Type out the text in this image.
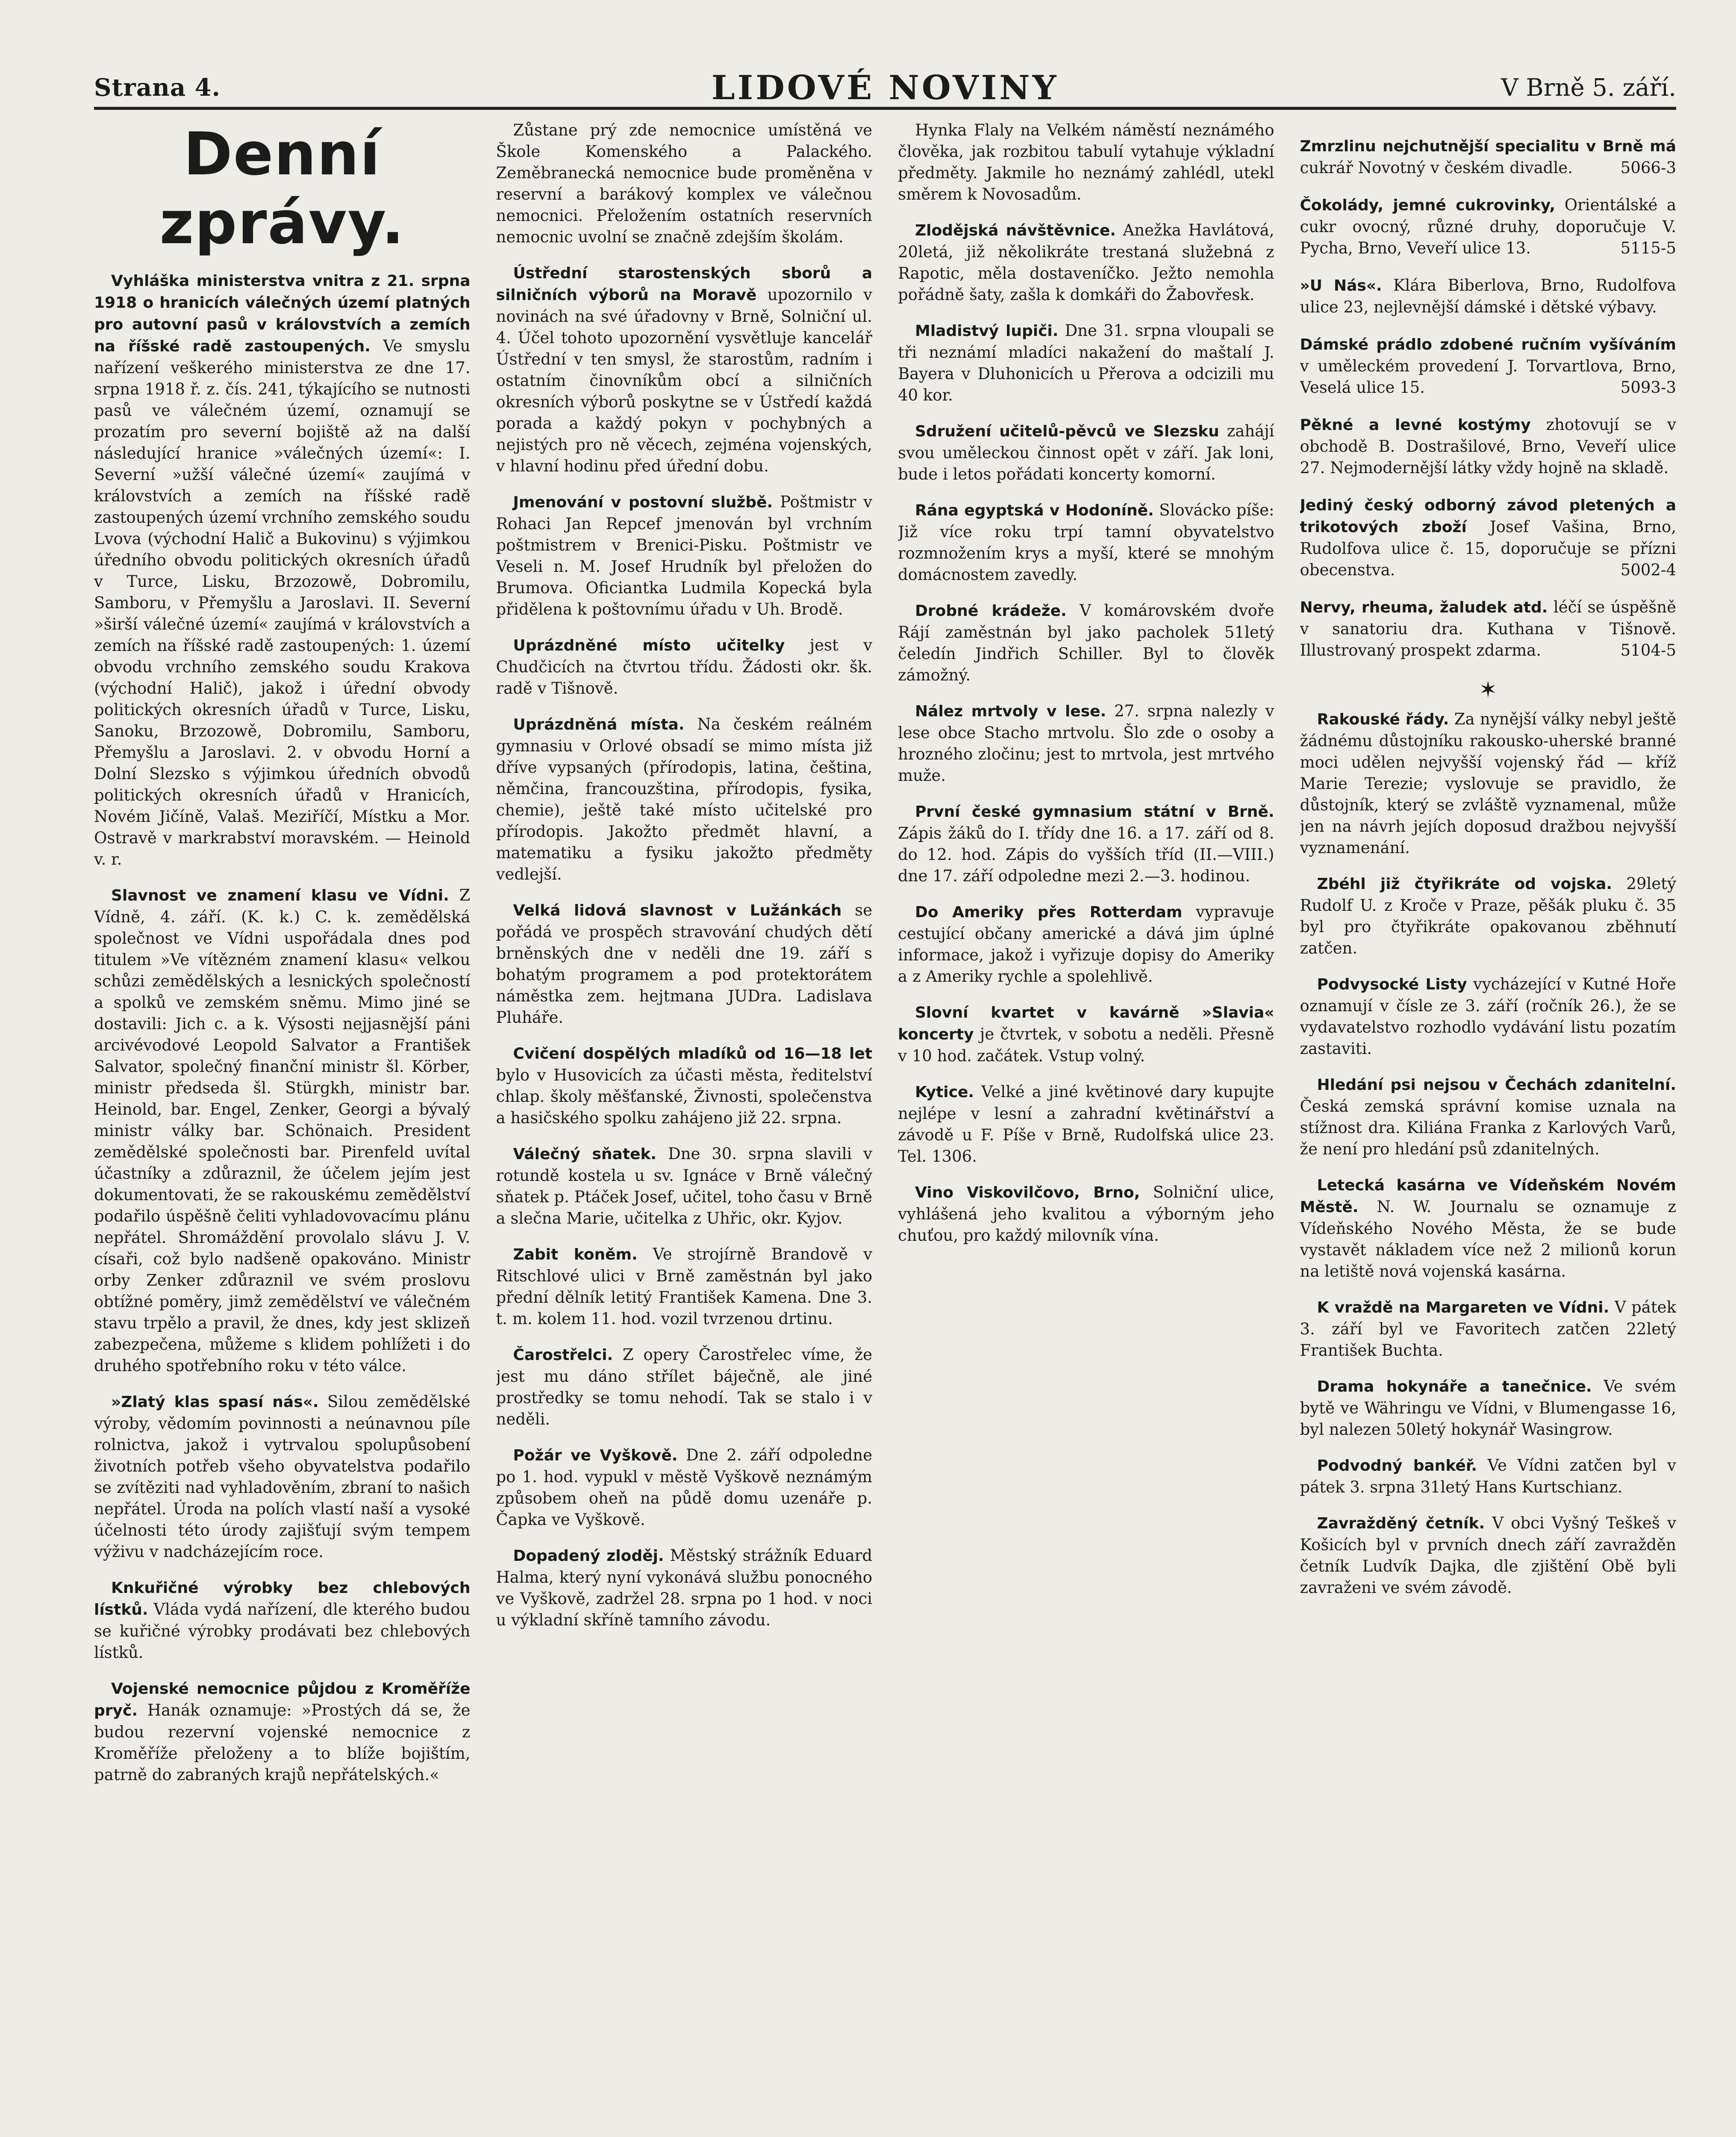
Strana 4.	LIDOVÉ NOVINY	V Brně 5. září.
Denní zprávy.

Vyhláška ministerstva vnitra z 21. srpna 1918 o hranicích válečných území platných pro autovní pasů v královstvích a zemích na říšské radě zastoupených. Ve smyslu nařízení veškerého ministerstva ze dne 17. srpna 1918 ř. z. čís. 241, týkajícího se nutnosti pasů ve válečném území, oznamují se prozatím pro severní bojiště až na další následující hranice »válečných území«: I. Severní »užší válečné území« zaujímá v královstvích a zemích na říšské radě zastoupených území vrchního zemského soudu Lvova (východní Halič a Bukovinu) s výjimkou úředního obvodu politických okresních úřadů v Turce, Lisku, Brzozowě, Dobromilu, Samboru, v Přemyšlu a Jaroslavi. II. Severní »širší válečné území« zaujímá v královstvích a zemích na říšské radě zastoupených: 1. území obvodu vrchního zemského soudu Krakova (východní Halič), jakož i úřední obvody politických okresních úřadů v Turce, Lisku, Sanoku, Brzozowě, Dobromilu, Samboru, Přemyšlu a Jaroslavi. 2. v obvodu Horní a Dolní Slezsko s výjimkou úředních obvodů politických okresních úřadů v Hranicích, Novém Jičíně, Valaš. Meziříčí, Místku a Mor. Ostravě v markrabství moravském. — Heinold v. r.

Slavnost ve znamení klasu ve Vídni. Z Vídně, 4. září. (K. k.) C. k. zemědělská společnost ve Vídni uspořádala dnes pod titulem »Ve vítězném znamení klasu« velkou schůzi zemědělských a lesnických společností a spolků ve zemském sněmu. Mimo jiné se dostavili: Jich c. a k. Výsosti nejjasnější páni arcivévodové Leopold Salvator a František Salvator, společný finanční ministr šl. Körber, ministr předseda šl. Stürgkh, ministr bar. Heinold, bar. Engel, Zenker, Georgi a bývalý ministr války bar. Schönaich. President zemědělské společnosti bar. Pirenfeld uvítal účastníky a zdůraznil, že účelem jejím jest dokumentovati, že se rakouskému zemědělství podařilo úspěšně čeliti vyhladovovacímu plánu nepřátel. Shromáždění provolalo slávu J. V. císaři, což bylo nadšeně opakováno. Ministr orby Zenker zdůraznil ve svém proslovu obtížné poměry, jimž zemědělství ve válečném stavu trpělo a pravil, že dnes, kdy jest sklizeň zabezpečena, můžeme s klidem pohlížeti i do druhého spotřebního roku v této válce.

»Zlatý klas spasí nás«. Silou zemědělské výroby, vědomím povinnosti a neúnavnou píle rolnictva, jakož i vytrvalou spolupůsobení životních potřeb všeho obyvatelstva podařilo se zvítěziti nad vyhladověním, zbraní to našich nepřátel. Úroda na polích vlastí naší a vysoké účelnosti této úrody zajišťují svým tempem výživu v nadcházejícím roce.

Knkuřičné výrobky bez chlebových lístků. Vláda vydá nařízení, dle kterého budou se kuřičné výrobky prodávati bez chlebových lístků.

Vojenské nemocnice půjdou z Kroměříže pryč. Hanák oznamuje: »Prostých dá se, že budou rezervní vojenské nemocnice z Kroměříže přeloženy a to blíže bojištím, patrně do zabraných krajů nepřátelských.«

Zůstane prý zde nemocnice umístěná ve Škole Komenského a Palackého. Zeměbranecká nemocnice bude proměněna v reservní a barákový komplex ve válečnou nemocnici. Přeložením ostatních reservních nemocnic uvolní se značně zdejším školám.

Ústřední starostenských sborů a silničních výborů na Moravě upozornilo v novinách na své úřadovny v Brně, Solniční ul. 4. Účel tohoto upozornění vysvětluje kancelář Ústřední v ten smysl, že starostům, radním i ostatním činovníkům obcí a silničních okresních výborů poskytne se v Ústředí každá porada a každý pokyn v pochybných a nejistých pro ně věcech, zejména vojenských, v hlavní hodinu před úřední dobu.

Jmenování v postovní službě. Poštmistr v Rohaci Jan Repcef jmenován byl vrchním poštmistrem v Brenici-Pisku. Poštmistr ve Veseli n. M. Josef Hrudník byl přeložen do Brumova. Oficiantka Ludmila Kopecká byla přidělena k poštovnímu úřadu v Uh. Brodě.

Uprázdněné místo učitelky jest v Chudčicích na čtvrtou třídu. Žádosti okr. šk. radě v Tišnově.

Uprázdněná místa. Na českém reálném gymnasiu v Orlové obsadí se mimo místa již dříve vypsaných (přírodopis, latina, čeština, němčina, francouzština, přírodopis, fysika, chemie), ještě také místo učitelské pro přírodopis. Jakožto předmět hlavní, a matematiku a fysiku jakožto předměty vedlejší.

Velká lidová slavnost v Lužánkách se pořádá ve prospěch stravování chudých dětí brněnských dne v neděli dne 19. září s bohatým programem a pod protektorátem náměstka zem. hejtmana JUDra. Ladislava Pluháře.

Cvičení dospělých mladíků od 16—18 let bylo v Husovicích za účasti města, ředitelství chlap. školy měšťanské, Živnosti, společenstva a hasičského spolku zahájeno již 22. srpna.

Válečný sňatek. Dne 30. srpna slavili v rotundě kostela u sv. Ignáce v Brně válečný sňatek p. Ptáček Josef, učitel, toho času v Brně a slečna Marie, učitelka z Uhřic, okr. Kyjov.

Zabit koněm. Ve strojírně Brandově v Ritschlové ulici v Brně zaměstnán byl jako přední dělník letitý František Kamena. Dne 3. t. m. kolem 11. hod. vozil tvrzenou drtinu.

Čarostřelci. Z opery Čarostřelec víme, že jest mu dáno střílet báječně, ale jiné prostředky se tomu nehodí. Tak se stalo i v neděli.

Požár ve Vyškově. Dne 2. září odpoledne po 1. hod. vypukl v městě Vyškově neznámým způsobem oheň na půdě domu uzenáře p. Čapka ve Vyškově.

Dopadený zloděj. Městský strážník Eduard Halma, který nyní vykonává službu ponocného ve Vyškově, zadržel 28. srpna po 1 hod. v noci u výkladní skříně tamního závodu.

Hynka Flaly na Velkém náměstí neznámého člověka, jak rozbitou tabulí vytahuje výkladní předměty. Jakmile ho neznámý zahlédl, utekl směrem k Novosadům.

Zlodějská návštěvnice. Anežka Havlátová, 20letá, již několikráte trestaná služebná z Rapotic, měla dostaveníčko. Ježto nemohla pořádně šaty, zašla k domkáři do Žabovřesk.

Mladistvý lupiči. Dne 31. srpna vloupali se tři neznámí mladíci nakažení do maštalí J. Bayera v Dluhonicích u Přerova a odcizili mu 40 kor.

Sdružení učitelů-pěvců ve Slezsku zahájí svou uměleckou činnost opět v září. Jak loni, bude i letos pořádati koncerty komorní.

Rána egyptská v Hodoníně. Slovácko píše: Již více roku trpí tamní obyvatelstvo rozmnožením krys a myší, které se mnohým domácnostem zavedly.

Drobné krádeže. V komárovském dvoře Rájí zaměstnán byl jako pacholek 51letý čeledín Jindřich Schiller. Byl to člověk zámožný.

Nález mrtvoly v lese. 27. srpna nalezly v lese obce Stacho mrtvolu. Šlo zde o osoby a hrozného zločinu; jest to mrtvola, jest mrtvého muže.

První české gymnasium státní v Brně. Zápis žáků do I. třídy dne 16. a 17. září od 8. do 12. hod. Zápis do vyšších tříd (II.—VIII.) dne 17. září odpoledne mezi 2.—3. hodinou.

Do Ameriky přes Rotterdam vypravuje cestující občany americké a dává jim úplné informace, jakož i vyřizuje dopisy do Ameriky a z Ameriky rychle a spolehlivě.

Slovní kvartet v kavárně »Slavia« koncerty je čtvrtek, v sobotu a neděli. Přesně v 10 hod. začátek. Vstup volný.

Kytice. Velké a jiné květinové dary kupujte nejlépe v lesní a zahradní květinářství a závodě u F. Píše v Brně, Rudolfská ulice 23. Tel. 1306.

Vino Viskovilčovo, Brno, Solniční ulice, vyhlášená jeho kvalitou a výborným jeho chuťou, pro každý milovník vína.

Zmrzlinu nejchutnější specialitu v Brně má cukrář Novotný v českém divadle.	5066-3

Čokolády, jemné cukrovinky, Orientálské a cukr ovocný, různé druhy, doporučuje V. Pycha, Brno, Veveří ulice 13.	5115-5

»U Nás«. Klára Biberlova, Brno, Rudolfova ulice 23, nejlevnější dámské i dětské výbavy.

Dámské prádlo zdobené ručním vyšíváním v uměleckém provedení J. Torvartlova, Brno, Veselá ulice 15.	5093-3

Pěkné a levné kostýmy zhotovují se v obchodě B. Dostrašilové, Brno, Veveří ulice 27. Nejmodernější látky vždy hojně na skladě.

Jediný český odborný závod pletených a trikotových zboží Josef Vašina, Brno, Rudolfova ulice č. 15, doporučuje se přízni obecenstva.	5002-4

Nervy, rheuma, žaludek atd. léčí se úspěšně v sanatoriu dra. Kuthana v Tišnově. Illustrovaný prospekt zdarma.	5104-5

✶

Rakouské řády. Za nynější války nebyl ještě žádnému důstojníku rakousko-uherské branné moci udělen nejvyšší vojenský řád — kříž Marie Terezie; vyslovuje se pravidlo, že důstojník, který se zvláště vyznamenal, může jen na návrh jejích doposud dražbou nejvyšší vyznamenání.

Zbéhl již čtyřikráte od vojska. 29letý Rudolf U. z Kroče v Praze, pěšák pluku č. 35 byl pro čtyřikráte opakovanou zběhnutí zatčen.

Podvysocké Listy vycházející v Kutné Hoře oznamují v čísle ze 3. září (ročník 26.), že se vydavatelstvo rozhodlo vydávání listu pozatím zastaviti.

Hledání psi nejsou v Čechách zdanitelní. Česká zemská správní komise uznala na stížnost dra. Kiliána Franka z Karlových Varů, že není pro hledání psů zdanitelných.

Letecká kasárna ve Vídeňském Novém Městě. N. W. Journalu se oznamuje z Vídeňského Nového Města, že se bude vystavět nákladem více než 2 milionů korun na letiště nová vojenská kasárna.

K vraždě na Margareten ve Vídni. V pátek 3. září byl ve Favoritech zatčen 22letý František Buchta.

Drama hokynáře a tanečnice. Ve svém bytě ve Währingu ve Vídni, v Blumengasse 16, byl nalezen 50letý hokynář Wasingrow.

Podvodný bankéř. Ve Vídni zatčen byl v pátek 3. srpna 31letý Hans Kurtschianz.

Zavražděný četník. V obci Vyšný Teškeš v Košicích byl v prvních dnech září zavražděn četník Ludvík Dajka, dle zjištění Obě byli zavraženi ve svém závodě.
